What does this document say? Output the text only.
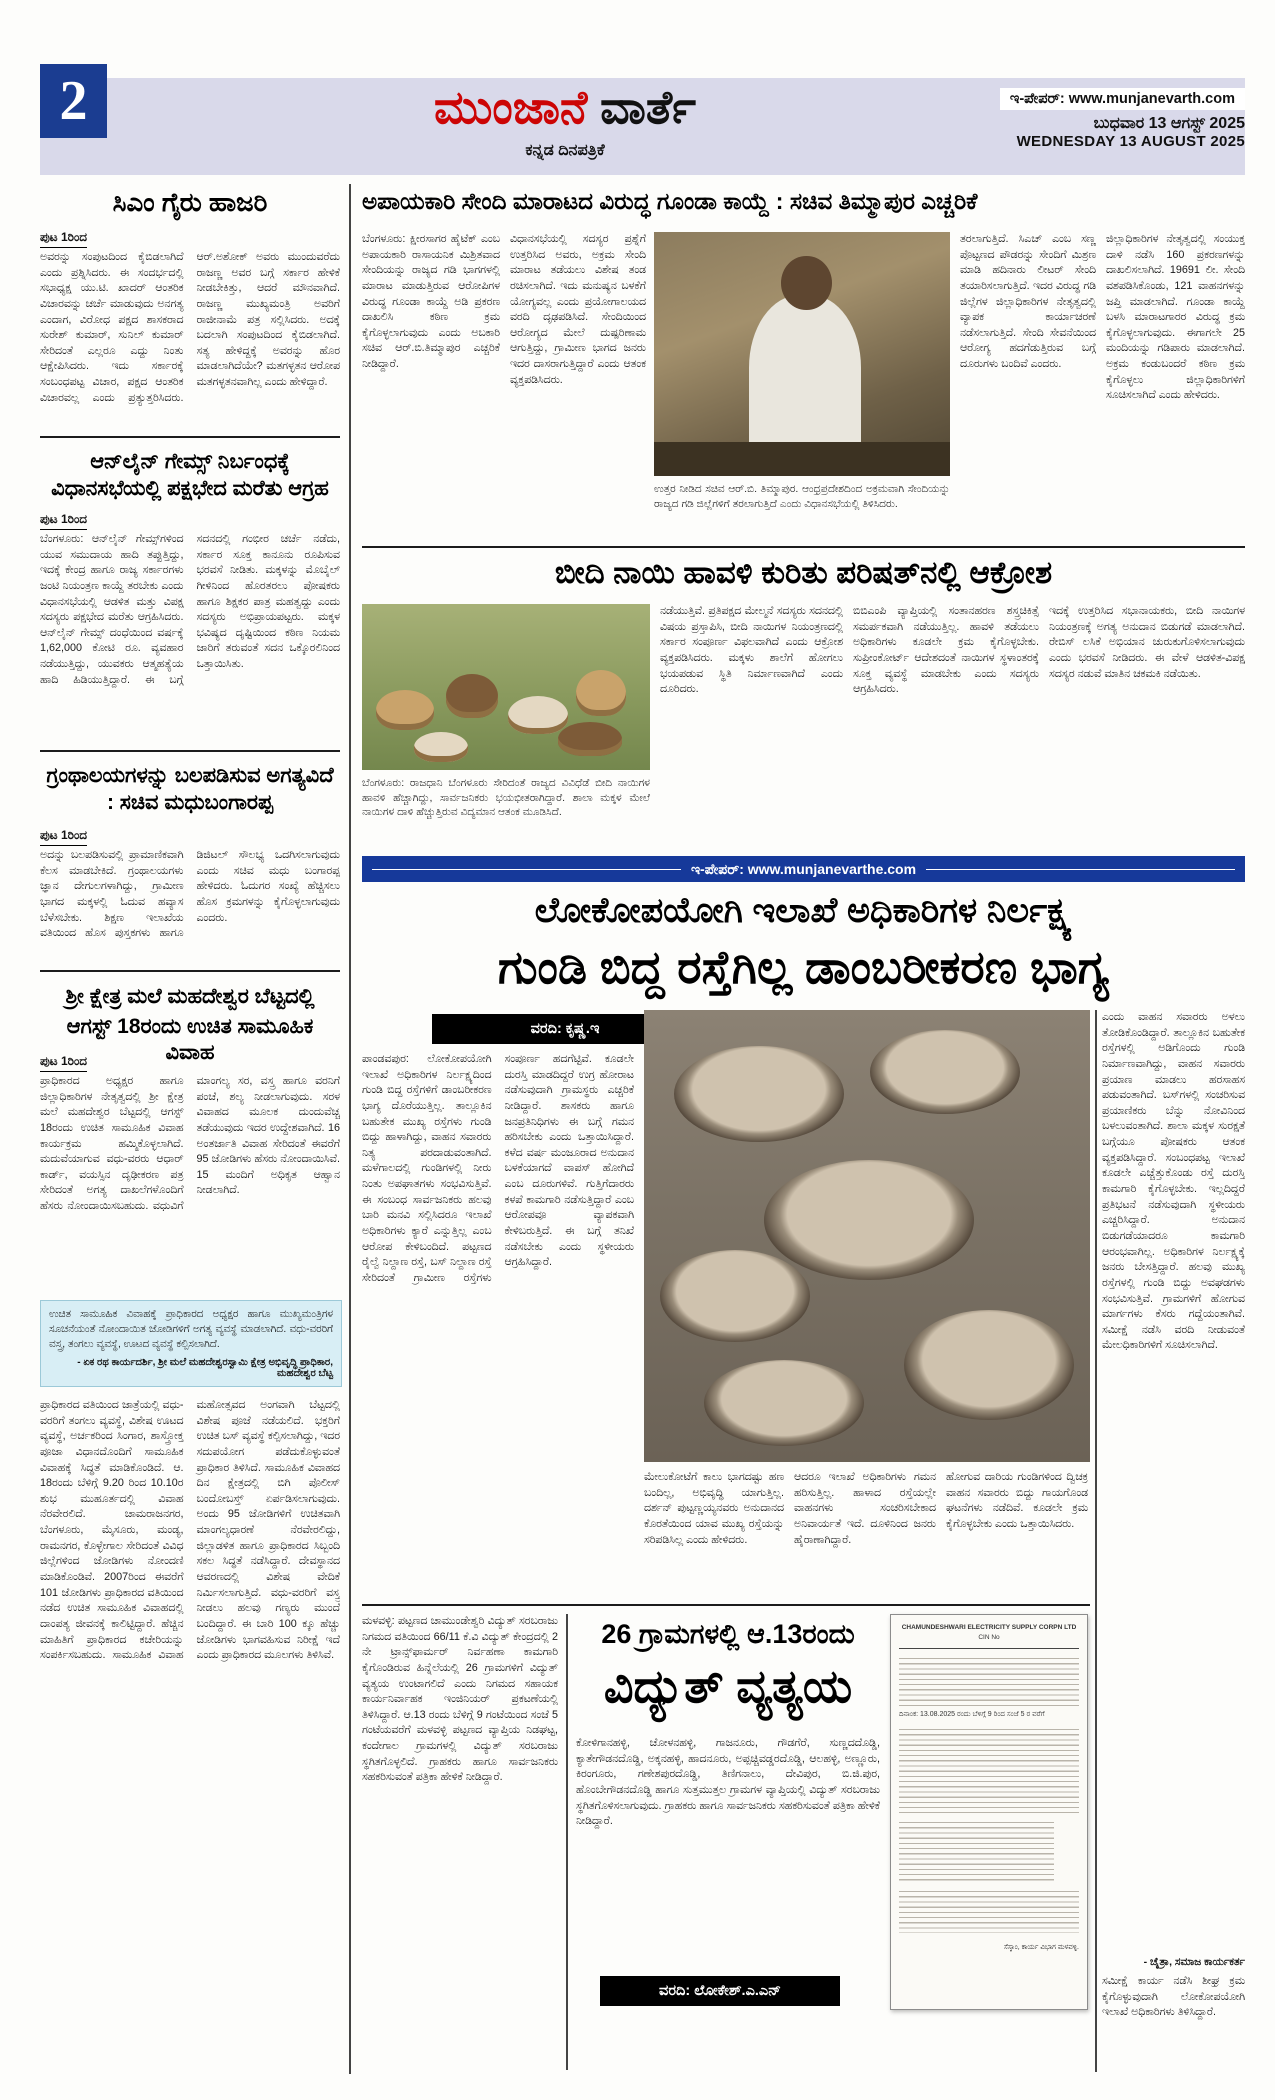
2	ಮುಂಜಾನೆ ವಾರ್ತೆ
ಕನ್ನಡ ದಿನಪತ್ರಿಕೆ
ಇ-ಪೇಪರ್: www.munjanevarth.com
ಬುಧವಾರ 13 ಆಗಸ್ಟ್ 2025
WEDNESDAY 13 AUGUST 2025
ಸಿಎಂ ಗೈರು ಹಾಜರಿ
ಪುಟ 1ರಿಂದ
ಅವರನ್ನು ಸಂಪುಟದಿಂದ ಕೈಬಿಡಲಾಗಿದೆ ಎಂದು ಪ್ರಶ್ನಿಸಿದರು. ಈ ಸಂದರ್ಭದಲ್ಲಿ ಸಭಾಧ್ಯಕ್ಷ ಯು.ಟಿ. ಖಾದರ್ ಆಂತರಿಕ ವಿಚಾರವನ್ನು ಚರ್ಚೆ ಮಾಡುವುದು ಅನಗತ್ಯ ಎಂದಾಗ, ವಿರೋಧ ಪಕ್ಷದ ಶಾಸಕರಾದ ಸುರೇಶ್ ಕುಮಾರ್, ಸುನಿಲ್ ಕುಮಾರ್ ಸೇರಿದಂತೆ ಎಲ್ಲರೂ ಎದ್ದು ನಿಂತು ಆಕ್ಷೇಪಿಸಿದರು. ಇದು ಸರ್ಕಾರಕ್ಕೆ ಸಂಬಂಧಪಟ್ಟ ವಿಚಾರ, ಪಕ್ಷದ ಆಂತರಿಕ ವಿಚಾರವಲ್ಲ ಎಂದು ಪ್ರತ್ಯುತ್ತರಿಸಿದರು. ಆರ್.ಅಶೋಕ್ ಅವರು ಮುಂದುವರೆದು ರಾಜಣ್ಣ ಅವರ ಬಗ್ಗೆ ಸರ್ಕಾರ ಹೇಳಿಕೆ ನೀಡಬೇಕಿತ್ತು, ಆದರೆ ಮೌನವಾಗಿದೆ. ರಾಜಣ್ಣ ಮುಖ್ಯಮಂತ್ರಿ ಅವರಿಗೆ ರಾಜೀನಾಮೆ ಪತ್ರ ಸಲ್ಲಿಸಿದರು. ಅದಕ್ಕೆ ಬದಲಾಗಿ ಸಂಪುಟದಿಂದ ಕೈಬಿಡಲಾಗಿದೆ. ಸತ್ಯ ಹೇಳಿದ್ದಕ್ಕೆ ಅವರನ್ನು ಹೊರ ಮಾಡಲಾಗಿದೆಯೇ? ಮತಗಳ್ಳತನ ಆರೋಪ ಮತಗಳ್ಳತನವಾಗಿಲ್ಲ ಎಂದು ಹೇಳಿದ್ದಾರೆ.
ಆನ್‌ಲೈನ್ ಗೇಮ್ಸ್ ನಿರ್ಬಂಧಕ್ಕೆ ವಿಧಾನಸಭೆಯಲ್ಲಿ ಪಕ್ಷಭೇದ ಮರೆತು ಆಗ್ರಹ
ಪುಟ 1ರಿಂದ
ಬೆಂಗಳೂರು: ಆನ್‌ಲೈನ್ ಗೇಮ್ಸ್‌ಗಳಿಂದ ಯುವ ಸಮುದಾಯ ಹಾದಿ ತಪ್ಪುತ್ತಿದ್ದು, ಇದಕ್ಕೆ ಕೇಂದ್ರ ಹಾಗೂ ರಾಜ್ಯ ಸರ್ಕಾರಗಳು ಜಂಟಿ ನಿಯಂತ್ರಣ ಕಾಯ್ದೆ ತರಬೇಕು ಎಂದು ವಿಧಾನಸಭೆಯಲ್ಲಿ ಆಡಳಿತ ಮತ್ತು ವಿಪಕ್ಷ ಸದಸ್ಯರು ಪಕ್ಷಭೇದ ಮರೆತು ಆಗ್ರಹಿಸಿದರು. ಆನ್‌ಲೈನ್ ಗೇಮ್ಸ್ ದಂಧೆಯಿಂದ ವರ್ಷಕ್ಕೆ 1,62,000 ಕೋಟಿ ರೂ. ವ್ಯವಹಾರ ನಡೆಯುತ್ತಿದ್ದು, ಯುವಕರು ಆತ್ಮಹತ್ಯೆಯ ಹಾದಿ ಹಿಡಿಯುತ್ತಿದ್ದಾರೆ. ಈ ಬಗ್ಗೆ ಸದನದಲ್ಲಿ ಗಂಭೀರ ಚರ್ಚೆ ನಡೆದು, ಸರ್ಕಾರ ಸೂಕ್ತ ಕಾನೂನು ರೂಪಿಸುವ ಭರವಸೆ ನೀಡಿತು. ಮಕ್ಕಳನ್ನು ಮೊಬೈಲ್ ಗೀಳಿನಿಂದ ಹೊರತರಲು ಪೋಷಕರು ಹಾಗೂ ಶಿಕ್ಷಕರ ಪಾತ್ರ ಮಹತ್ವದ್ದು ಎಂದು ಸದಸ್ಯರು ಅಭಿಪ್ರಾಯಪಟ್ಟರು. ಮಕ್ಕಳ ಭವಿಷ್ಯದ ದೃಷ್ಟಿಯಿಂದ ಕಠಿಣ ನಿಯಮ ಜಾರಿಗೆ ತರುವಂತೆ ಸದನ ಒಕ್ಕೊರಲಿನಿಂದ ಒತ್ತಾಯಿಸಿತು.
ಗ್ರಂಥಾಲಯಗಳನ್ನು ಬಲಪಡಿಸುವ ಅಗತ್ಯವಿದೆ : ಸಚಿವ ಮಧುಬಂಗಾರಪ್ಪ
ಪುಟ 1ರಿಂದ
ಅದನ್ನು ಬಲಪಡಿಸುವಲ್ಲಿ ಪ್ರಾಮಾಣಿಕವಾಗಿ ಕೆಲಸ ಮಾಡಬೇಕಿದೆ. ಗ್ರಂಥಾಲಯಗಳು ಜ್ಞಾನ ದೇಗುಲಗಳಾಗಿದ್ದು, ಗ್ರಾಮೀಣ ಭಾಗದ ಮಕ್ಕಳಲ್ಲಿ ಓದುವ ಹವ್ಯಾಸ ಬೆಳೆಸಬೇಕು. ಶಿಕ್ಷಣ ಇಲಾಖೆಯ ವತಿಯಿಂದ ಹೊಸ ಪುಸ್ತಕಗಳು ಹಾಗೂ ಡಿಜಿಟಲ್ ಸೌಲಭ್ಯ ಒದಗಿಸಲಾಗುವುದು ಎಂದು ಸಚಿವ ಮಧು ಬಂಗಾರಪ್ಪ ಹೇಳಿದರು. ಓದುಗರ ಸಂಖ್ಯೆ ಹೆಚ್ಚಿಸಲು ಹೊಸ ಕ್ರಮಗಳನ್ನು ಕೈಗೊಳ್ಳಲಾಗುವುದು ಎಂದರು.
ಶ್ರೀ ಕ್ಷೇತ್ರ ಮಲೆ ಮಹದೇಶ್ವರ ಬೆಟ್ಟದಲ್ಲಿ
ಆಗಸ್ಟ್ 18ರಂದು ಉಚಿತ ಸಾಮೂಹಿಕ ವಿವಾಹ
ಪುಟ 1ರಿಂದ
ಪ್ರಾಧಿಕಾರದ ಅಧ್ಯಕ್ಷರ ಹಾಗೂ ಜಿಲ್ಲಾಧಿಕಾರಿಗಳ ನೇತೃತ್ವದಲ್ಲಿ ಶ್ರೀ ಕ್ಷೇತ್ರ ಮಲೆ ಮಹದೇಶ್ವರ ಬೆಟ್ಟದಲ್ಲಿ ಆಗಸ್ಟ್ 18ರಂದು ಉಚಿತ ಸಾಮೂಹಿಕ ವಿವಾಹ ಕಾರ್ಯಕ್ರಮ ಹಮ್ಮಿಕೊಳ್ಳಲಾಗಿದೆ. ಮದುವೆಯಾಗುವ ವಧು-ವರರು ಆಧಾರ್ ಕಾರ್ಡ್, ವಯಸ್ಸಿನ ದೃಢೀಕರಣ ಪತ್ರ ಸೇರಿದಂತೆ ಅಗತ್ಯ ದಾಖಲೆಗಳೊಂದಿಗೆ ಹೆಸರು ನೋಂದಾಯಿಸಬಹುದು. ವಧುವಿಗೆ ಮಾಂಗಲ್ಯ ಸರ, ವಸ್ತ್ರ ಹಾಗೂ ವರನಿಗೆ ಪಂಚೆ, ಶಲ್ಯ ನೀಡಲಾಗುವುದು. ಸರಳ ವಿವಾಹದ ಮೂಲಕ ದುಂದುವೆಚ್ಚ ತಡೆಯುವುದು ಇದರ ಉದ್ದೇಶವಾಗಿದೆ. 16 ಅಂತರ್ಜಾತಿ ವಿವಾಹ ಸೇರಿದಂತೆ ಈವರೆಗೆ 95 ಜೋಡಿಗಳು ಹೆಸರು ನೋಂದಾಯಿಸಿವೆ. 15 ಮಂದಿಗೆ ಅಧಿಕೃತ ಆಹ್ವಾನ ನೀಡಲಾಗಿದೆ.
ಉಚಿತ ಸಾಮೂಹಿಕ ವಿವಾಹಕ್ಕೆ ಪ್ರಾಧಿಕಾರದ ಅಧ್ಯಕ್ಷರ ಹಾಗೂ ಮುಖ್ಯಮಂತ್ರಿಗಳ ಸೂಚನೆಯಂತೆ ನೋಂದಾಯಿತ ಜೋಡಿಗಳಿಗೆ ಅಗತ್ಯ ವ್ಯವಸ್ಥೆ ಮಾಡಲಾಗಿದೆ. ವಧು-ವರರಿಗೆ ವಸ್ತ್ರ, ತಂಗಲು ವ್ಯವಸ್ಥೆ, ಊಟದ ವ್ಯವಸ್ಥೆ ಕಲ್ಪಿಸಲಾಗಿದೆ.
- ಏಕ ರಥ ಕಾರ್ಯದರ್ಶಿ, ಶ್ರೀ ಮಲೆ ಮಹದೇಶ್ವರಸ್ವಾಮಿ ಕ್ಷೇತ್ರ ಅಭಿವೃದ್ಧಿ ಪ್ರಾಧಿಕಾರ, ಮಹದೇಶ್ವರ ಬೆಟ್ಟ
ಪ್ರಾಧಿಕಾರದ ವತಿಯಿಂದ ಜಾತ್ರೆಯಲ್ಲಿ ವಧು-ವರರಿಗೆ ತಂಗಲು ವ್ಯವಸ್ಥೆ, ವಿಶೇಷ ಊಟದ ವ್ಯವಸ್ಥೆ, ಅರ್ಚಕರಿಂದ ಸಿಂಗಾರ, ಶಾಸ್ತ್ರೋಕ್ತ ಪೂಜಾ ವಿಧಾನದೊಂದಿಗೆ ಸಾಮೂಹಿಕ ವಿವಾಹಕ್ಕೆ ಸಿದ್ಧತೆ ಮಾಡಿಕೊಂಡಿದೆ. ಆ. 18ರಂದು ಬೆಳಿಗ್ಗೆ 9.20 ರಿಂದ 10.10ರ ಶುಭ ಮುಹೂರ್ತದಲ್ಲಿ ವಿವಾಹ ನೆರವೇರಲಿದೆ. ಚಾಮರಾಜನಗರ, ಬೆಂಗಳೂರು, ಮೈಸೂರು, ಮಂಡ್ಯ, ರಾಮನಗರ, ಕೊಳ್ಳೇಗಾಲ ಸೇರಿದಂತೆ ವಿವಿಧ ಜಿಲ್ಲೆಗಳಿಂದ ಜೋಡಿಗಳು ನೋಂದಣಿ ಮಾಡಿಕೊಂಡಿವೆ. 2007ರಿಂದ ಈವರೆಗೆ 101 ಜೋಡಿಗಳು ಪ್ರಾಧಿಕಾರದ ವತಿಯಿಂದ ನಡೆದ ಉಚಿತ ಸಾಮೂಹಿಕ ವಿವಾಹದಲ್ಲಿ ದಾಂಪತ್ಯ ಜೀವನಕ್ಕೆ ಕಾಲಿಟ್ಟಿದ್ದಾರೆ. ಹೆಚ್ಚಿನ ಮಾಹಿತಿಗೆ ಪ್ರಾಧಿಕಾರದ ಕಚೇರಿಯನ್ನು ಸಂಪರ್ಕಿಸಬಹುದು. ಸಾಮೂಹಿಕ ವಿವಾಹ ಮಹೋತ್ಸವದ ಅಂಗವಾಗಿ ಬೆಟ್ಟದಲ್ಲಿ ವಿಶೇಷ ಪೂಜೆ ನಡೆಯಲಿದೆ. ಭಕ್ತರಿಗೆ ಉಚಿತ ಬಸ್ ವ್ಯವಸ್ಥೆ ಕಲ್ಪಿಸಲಾಗಿದ್ದು, ಇದರ ಸದುಪಯೋಗ ಪಡೆದುಕೊಳ್ಳುವಂತೆ ಪ್ರಾಧಿಕಾರ ತಿಳಿಸಿದೆ. ಸಾಮೂಹಿಕ ವಿವಾಹದ ದಿನ ಕ್ಷೇತ್ರದಲ್ಲಿ ಬಿಗಿ ಪೊಲೀಸ್ ಬಂದೋಬಸ್ತ್ ಏರ್ಪಡಿಸಲಾಗುವುದು. ಅಂದು 95 ಜೋಡಿಗಳಿಗೆ ಉಚಿತವಾಗಿ ಮಾಂಗಲ್ಯಧಾರಣೆ ನೆರವೇರಲಿದ್ದು, ಜಿಲ್ಲಾಡಳಿತ ಹಾಗೂ ಪ್ರಾಧಿಕಾರದ ಸಿಬ್ಬಂದಿ ಸಕಲ ಸಿದ್ಧತೆ ನಡೆಸಿದ್ದಾರೆ. ದೇವಸ್ಥಾನದ ಆವರಣದಲ್ಲಿ ವಿಶೇಷ ವೇದಿಕೆ ನಿರ್ಮಿಸಲಾಗುತ್ತಿದೆ. ವಧು-ವರರಿಗೆ ವಸ್ತ್ರ ನೀಡಲು ಹಲವು ಗಣ್ಯರು ಮುಂದೆ ಬಂದಿದ್ದಾರೆ. ಈ ಬಾರಿ 100 ಕ್ಕೂ ಹೆಚ್ಚು ಜೋಡಿಗಳು ಭಾಗವಹಿಸುವ ನಿರೀಕ್ಷೆ ಇದೆ ಎಂದು ಪ್ರಾಧಿಕಾರದ ಮೂಲಗಳು ತಿಳಿಸಿವೆ.
ಅಪಾಯಕಾರಿ ಸೇಂದಿ ಮಾರಾಟದ ವಿರುದ್ಧ ಗೂಂಡಾ ಕಾಯ್ದೆ : ಸಚಿವ ತಿಮ್ಮಾಪುರ ಎಚ್ಚರಿಕೆ
ಬೆಂಗಳೂರು: ಕ್ಷೀರಸಾಗರ ಹೈಟೆಕ್ ಎಂಬ ಅಪಾಯಕಾರಿ ರಾಸಾಯನಿಕ ಮಿಶ್ರಿತವಾದ ಸೇಂದಿಯನ್ನು ರಾಜ್ಯದ ಗಡಿ ಭಾಗಗಳಲ್ಲಿ ಮಾರಾಟ ಮಾಡುತ್ತಿರುವ ಆರೋಪಿಗಳ ವಿರುದ್ಧ ಗೂಂಡಾ ಕಾಯ್ದೆ ಅಡಿ ಪ್ರಕರಣ ದಾಖಲಿಸಿ ಕಠಿಣ ಕ್ರಮ ಕೈಗೊಳ್ಳಲಾಗುವುದು ಎಂದು ಅಬಕಾರಿ ಸಚಿವ ಆರ್.ಬಿ.ತಿಮ್ಮಾಪುರ ಎಚ್ಚರಿಕೆ ನೀಡಿದ್ದಾರೆ.
ವಿಧಾನಸಭೆಯಲ್ಲಿ ಸದಸ್ಯರ ಪ್ರಶ್ನೆಗೆ ಉತ್ತರಿಸಿದ ಅವರು, ಅಕ್ರಮ ಸೇಂದಿ ಮಾರಾಟ ತಡೆಯಲು ವಿಶೇಷ ತಂಡ ರಚಿಸಲಾಗಿದೆ. ಇದು ಮನುಷ್ಯನ ಬಳಕೆಗೆ ಯೋಗ್ಯವಲ್ಲ ಎಂದು ಪ್ರಯೋಗಾಲಯದ ವರದಿ ದೃಢಪಡಿಸಿದೆ. ಸೇಂದಿಯಿಂದ ಆರೋಗ್ಯದ ಮೇಲೆ ದುಷ್ಪರಿಣಾಮ ಆಗುತ್ತಿದ್ದು, ಗ್ರಾಮೀಣ ಭಾಗದ ಜನರು ಇದರ ದಾಸರಾಗುತ್ತಿದ್ದಾರೆ ಎಂದು ಆತಂಕ ವ್ಯಕ್ತಪಡಿಸಿದರು.
ಉತ್ತರ ನೀಡಿದ ಸಚಿವ ಆರ್.ಬಿ. ತಿಮ್ಮಾಪುರ. ಆಂಧ್ರಪ್ರದೇಶದಿಂದ ಅಕ್ರಮವಾಗಿ ಸೇಂದಿಯನ್ನು ರಾಜ್ಯದ ಗಡಿ ಜಿಲ್ಲೆಗಳಿಗೆ ತರಲಾಗುತ್ತಿದೆ ಎಂದು ವಿಧಾನಸಭೆಯಲ್ಲಿ ತಿಳಿಸಿದರು.
ತರಲಾಗುತ್ತಿದೆ. ಸಿಎಚ್ ಎಂಬ ಸಣ್ಣ ಪೊಟ್ಟಣದ ಪೌಡರನ್ನು ಸೇಂದಿಗೆ ಮಿಶ್ರಣ ಮಾಡಿ ಹದಿನಾರು ಲೀಟರ್ ಸೇಂದಿ ತಯಾರಿಸಲಾಗುತ್ತಿದೆ. ಇದರ ವಿರುದ್ಧ ಗಡಿ ಜಿಲ್ಲೆಗಳ ಜಿಲ್ಲಾಧಿಕಾರಿಗಳ ನೇತೃತ್ವದಲ್ಲಿ ವ್ಯಾಪಕ ಕಾರ್ಯಾಚರಣೆ ನಡೆಸಲಾಗುತ್ತಿದೆ. ಸೇಂದಿ ಸೇವನೆಯಿಂದ ಆರೋಗ್ಯ ಹದಗೆಡುತ್ತಿರುವ ಬಗ್ಗೆ ದೂರುಗಳು ಬಂದಿವೆ ಎಂದರು.
ಜಿಲ್ಲಾಧಿಕಾರಿಗಳ ನೇತೃತ್ವದಲ್ಲಿ ಸಂಯುಕ್ತ ದಾಳಿ ನಡೆಸಿ 160 ಪ್ರಕರಣಗಳನ್ನು ದಾಖಲಿಸಲಾಗಿದೆ. 19691 ಲೀ. ಸೇಂದಿ ವಶಪಡಿಸಿಕೊಂಡು, 121 ವಾಹನಗಳನ್ನು ಜಪ್ತಿ ಮಾಡಲಾಗಿದೆ. ಗೂಂಡಾ ಕಾಯ್ದೆ ಬಳಸಿ ಮಾರಾಟಗಾರರ ವಿರುದ್ಧ ಕ್ರಮ ಕೈಗೊಳ್ಳಲಾಗುವುದು. ಈಗಾಗಲೇ 25 ಮಂದಿಯನ್ನು ಗಡಿಪಾರು ಮಾಡಲಾಗಿದೆ. ಅಕ್ರಮ ಕಂಡುಬಂದರೆ ಕಠಿಣ ಕ್ರಮ ಕೈಗೊಳ್ಳಲು ಜಿಲ್ಲಾಧಿಕಾರಿಗಳಿಗೆ ಸೂಚಿಸಲಾಗಿದೆ ಎಂದು ಹೇಳಿದರು.
ಬೀದಿ ನಾಯಿ ಹಾವಳಿ ಕುರಿತು ಪರಿಷತ್‌ನಲ್ಲಿ ಆಕ್ರೋಶ
ಬೆಂಗಳೂರು: ರಾಜಧಾನಿ ಬೆಂಗಳೂರು ಸೇರಿದಂತೆ ರಾಜ್ಯದ ವಿವಿಧೆಡೆ ಬೀದಿ ನಾಯಿಗಳ ಹಾವಳಿ ಹೆಚ್ಚಾಗಿದ್ದು, ಸಾರ್ವಜನಿಕರು ಭಯಭೀತರಾಗಿದ್ದಾರೆ. ಶಾಲಾ ಮಕ್ಕಳ ಮೇಲೆ ನಾಯಿಗಳ ದಾಳಿ ಹೆಚ್ಚುತ್ತಿರುವ ವಿದ್ಯಮಾನ ಆತಂಕ ಮೂಡಿಸಿದೆ.
ನಡೆಯುತ್ತಿವೆ. ಪ್ರತಿಪಕ್ಷದ ಮೇಲ್ಮನೆ ಸದಸ್ಯರು ಸದನದಲ್ಲಿ ವಿಷಯ ಪ್ರಸ್ತಾಪಿಸಿ, ಬೀದಿ ನಾಯಿಗಳ ನಿಯಂತ್ರಣದಲ್ಲಿ ಸರ್ಕಾರ ಸಂಪೂರ್ಣ ವಿಫಲವಾಗಿದೆ ಎಂದು ಆಕ್ರೋಶ ವ್ಯಕ್ತಪಡಿಸಿದರು. ಮಕ್ಕಳು ಶಾಲೆಗೆ ಹೋಗಲು ಭಯಪಡುವ ಸ್ಥಿತಿ ನಿರ್ಮಾಣವಾಗಿದೆ ಎಂದು ದೂರಿದರು.
ಬಿಬಿಎಂಪಿ ವ್ಯಾಪ್ತಿಯಲ್ಲಿ ಸಂತಾನಹರಣ ಶಸ್ತ್ರಚಿಕಿತ್ಸೆ ಸಮರ್ಪಕವಾಗಿ ನಡೆಯುತ್ತಿಲ್ಲ. ಹಾವಳಿ ತಡೆಯಲು ಅಧಿಕಾರಿಗಳು ಕೂಡಲೇ ಕ್ರಮ ಕೈಗೊಳ್ಳಬೇಕು. ಸುಪ್ರೀಂಕೋರ್ಟ್ ಆದೇಶದಂತೆ ನಾಯಿಗಳ ಸ್ಥಳಾಂತರಕ್ಕೆ ಸೂಕ್ತ ವ್ಯವಸ್ಥೆ ಮಾಡಬೇಕು ಎಂದು ಸದಸ್ಯರು ಆಗ್ರಹಿಸಿದರು.
ಇದಕ್ಕೆ ಉತ್ತರಿಸಿದ ಸಭಾನಾಯಕರು, ಬೀದಿ ನಾಯಿಗಳ ನಿಯಂತ್ರಣಕ್ಕೆ ಅಗತ್ಯ ಅನುದಾನ ಬಿಡುಗಡೆ ಮಾಡಲಾಗಿದೆ. ರೇಬಿಸ್ ಲಸಿಕೆ ಅಭಿಯಾನ ಚುರುಕುಗೊಳಿಸಲಾಗುವುದು ಎಂದು ಭರವಸೆ ನೀಡಿದರು. ಈ ವೇಳೆ ಆಡಳಿತ-ವಿಪಕ್ಷ ಸದಸ್ಯರ ನಡುವೆ ಮಾತಿನ ಚಕಮಕಿ ನಡೆಯಿತು.
ಇ-ಪೇಪರ್: www.munjanevarthe.com
ಲೋಕೋಪಯೋಗಿ ಇಲಾಖೆ ಅಧಿಕಾರಿಗಳ ನಿರ್ಲಕ್ಷ್ಯ
ಗುಂಡಿ ಬಿದ್ದ ರಸ್ತೆಗಿಲ್ಲ ಡಾಂಬರೀಕರಣ ಭಾಗ್ಯ
ವರದಿ: ಕೃಷ್ಣ.ಇ
ಪಾಂಡವಪುರ: ಲೋಕೋಪಯೋಗಿ ಇಲಾಖೆ ಅಧಿಕಾರಿಗಳ ನಿರ್ಲಕ್ಷ್ಯದಿಂದ ಗುಂಡಿ ಬಿದ್ದ ರಸ್ತೆಗಳಿಗೆ ಡಾಂಬರೀಕರಣ ಭಾಗ್ಯ ದೊರೆಯುತ್ತಿಲ್ಲ. ತಾಲ್ಲೂಕಿನ ಬಹುತೇಕ ಮುಖ್ಯ ರಸ್ತೆಗಳು ಗುಂಡಿ ಬಿದ್ದು ಹಾಳಾಗಿದ್ದು, ವಾಹನ ಸವಾರರು ನಿತ್ಯ ಪರದಾಡುವಂತಾಗಿದೆ. ಮಳೆಗಾಲದಲ್ಲಿ ಗುಂಡಿಗಳಲ್ಲಿ ನೀರು ನಿಂತು ಅಪಘಾತಗಳು ಸಂಭವಿಸುತ್ತಿವೆ. ಈ ಸಂಬಂಧ ಸಾರ್ವಜನಿಕರು ಹಲವು ಬಾರಿ ಮನವಿ ಸಲ್ಲಿಸಿದರೂ ಇಲಾಖೆ ಅಧಿಕಾರಿಗಳು ಕ್ಯಾರೆ ಎನ್ನುತ್ತಿಲ್ಲ ಎಂಬ ಆರೋಪ ಕೇಳಿಬಂದಿದೆ. ಪಟ್ಟಣದ ರೈಲ್ವೆ ನಿಲ್ದಾಣ ರಸ್ತೆ, ಬಸ್ ನಿಲ್ದಾಣ ರಸ್ತೆ ಸೇರಿದಂತೆ ಗ್ರಾಮೀಣ ರಸ್ತೆಗಳು ಸಂಪೂರ್ಣ ಹದಗೆಟ್ಟಿವೆ. ಕೂಡಲೇ ದುರಸ್ತಿ ಮಾಡದಿದ್ದರೆ ಉಗ್ರ ಹೋರಾಟ ನಡೆಸುವುದಾಗಿ ಗ್ರಾಮಸ್ಥರು ಎಚ್ಚರಿಕೆ ನೀಡಿದ್ದಾರೆ. ಶಾಸಕರು ಹಾಗೂ ಜನಪ್ರತಿನಿಧಿಗಳು ಈ ಬಗ್ಗೆ ಗಮನ ಹರಿಸಬೇಕು ಎಂದು ಒತ್ತಾಯಿಸಿದ್ದಾರೆ. ಕಳೆದ ವರ್ಷ ಮಂಜೂರಾದ ಅನುದಾನ ಬಳಕೆಯಾಗದೆ ವಾಪಸ್ ಹೋಗಿದೆ ಎಂಬ ದೂರುಗಳಿವೆ. ಗುತ್ತಿಗೆದಾರರು ಕಳಪೆ ಕಾಮಗಾರಿ ನಡೆಸುತ್ತಿದ್ದಾರೆ ಎಂಬ ಆರೋಪವೂ ವ್ಯಾಪಕವಾಗಿ ಕೇಳಿಬರುತ್ತಿದೆ. ಈ ಬಗ್ಗೆ ತನಿಖೆ ನಡೆಸಬೇಕು ಎಂದು ಸ್ಥಳೀಯರು ಆಗ್ರಹಿಸಿದ್ದಾರೆ.
ಎಂದು ವಾಹನ ಸವಾರರು ಅಳಲು ತೋಡಿಕೊಂಡಿದ್ದಾರೆ. ತಾಲ್ಲೂಕಿನ ಬಹುತೇಕ ರಸ್ತೆಗಳಲ್ಲಿ ಅಡಿಗೊಂದು ಗುಂಡಿ ನಿರ್ಮಾಣವಾಗಿದ್ದು, ವಾಹನ ಸವಾರರು ಪ್ರಯಾಣ ಮಾಡಲು ಹರಸಾಹಸ ಪಡುವಂತಾಗಿದೆ. ಬಸ್‌ಗಳಲ್ಲಿ ಸಂಚರಿಸುವ ಪ್ರಯಾಣಿಕರು ಬೆನ್ನು ನೋವಿನಿಂದ ಬಳಲುವಂತಾಗಿದೆ. ಶಾಲಾ ಮಕ್ಕಳ ಸುರಕ್ಷತೆ ಬಗ್ಗೆಯೂ ಪೋಷಕರು ಆತಂಕ ವ್ಯಕ್ತಪಡಿಸಿದ್ದಾರೆ. ಸಂಬಂಧಪಟ್ಟ ಇಲಾಖೆ ಕೂಡಲೇ ಎಚ್ಚೆತ್ತುಕೊಂಡು ರಸ್ತೆ ದುರಸ್ತಿ ಕಾಮಗಾರಿ ಕೈಗೊಳ್ಳಬೇಕು. ಇಲ್ಲದಿದ್ದರೆ ಪ್ರತಿಭಟನೆ ನಡೆಸುವುದಾಗಿ ಸ್ಥಳೀಯರು ಎಚ್ಚರಿಸಿದ್ದಾರೆ. ಅನುದಾನ ಬಿಡುಗಡೆಯಾದರೂ ಕಾಮಗಾರಿ ಆರಂಭವಾಗಿಲ್ಲ. ಅಧಿಕಾರಿಗಳ ನಿರ್ಲಕ್ಷ್ಯಕ್ಕೆ ಜನರು ಬೇಸತ್ತಿದ್ದಾರೆ. ಹಲವು ಮುಖ್ಯ ರಸ್ತೆಗಳಲ್ಲಿ ಗುಂಡಿ ಬಿದ್ದು ಅವಘಡಗಳು ಸಂಭವಿಸುತ್ತಿವೆ. ಗ್ರಾಮಗಳಿಗೆ ಹೋಗುವ ಮಾರ್ಗಗಳು ಕೆಸರು ಗದ್ದೆಯಂತಾಗಿವೆ. ಸಮೀಕ್ಷೆ ನಡೆಸಿ ವರದಿ ನೀಡುವಂತೆ ಮೇಲಧಿಕಾರಿಗಳಿಗೆ ಸೂಚಿಸಲಾಗಿದೆ.
- ಚೈತ್ರಾ, ಸಮಾಜ ಕಾರ್ಯಕರ್ತ
ಸಮೀಕ್ಷೆ ಕಾರ್ಯ ನಡೆಸಿ ಶೀಘ್ರ ಕ್ರಮ ಕೈಗೊಳ್ಳುವುದಾಗಿ ಲೋಕೋಪಯೋಗಿ ಇಲಾಖೆ ಅಧಿಕಾರಿಗಳು ತಿಳಿಸಿದ್ದಾರೆ.
ಮೇಲುಕೋಟೆಗೆ ಕಾಲು ಭಾಗದಷ್ಟು ಹಣ ಬಂದಿಲ್ಲ, ಅಭಿವೃದ್ಧಿ ಯಾಗುತ್ತಿಲ್ಲ. ದರ್ಶನ್ ಪುಟ್ಟಣ್ಣಯ್ಯನವರು ಅನುದಾನದ ಕೊರತೆಯಿಂದ ಯಾವ ಮುಖ್ಯ ರಸ್ತೆಯನ್ನು ಸರಿಪಡಿಸಿಲ್ಲ ಎಂದು ಹೇಳಿದರು.
ಆದರೂ ಇಲಾಖೆ ಅಧಿಕಾರಿಗಳು ಗಮನ ಹರಿಸುತ್ತಿಲ್ಲ. ಹಾಳಾದ ರಸ್ತೆಯಲ್ಲೇ ವಾಹನಗಳು ಸಂಚರಿಸಬೇಕಾದ ಅನಿವಾರ್ಯತೆ ಇದೆ. ದೂಳಿನಿಂದ ಜನರು ಹೈರಾಣಾಗಿದ್ದಾರೆ.
ಹೋಗುವ ದಾರಿಯ ಗುಂಡಿಗಳಿಂದ ದ್ವಿಚಕ್ರ ವಾಹನ ಸವಾರರು ಬಿದ್ದು ಗಾಯಗೊಂಡ ಘಟನೆಗಳು ನಡೆದಿವೆ. ಕೂಡಲೇ ಕ್ರಮ ಕೈಗೊಳ್ಳಬೇಕು ಎಂದು ಒತ್ತಾಯಿಸಿದರು.
ಮಳವಳ್ಳಿ: ಪಟ್ಟಣದ ಚಾಮುಂಡೇಶ್ವರಿ ವಿದ್ಯುತ್ ಸರಬರಾಜು ನಿಗಮದ ವತಿಯಿಂದ 66/11 ಕೆ.ವಿ ವಿದ್ಯುತ್ ಕೇಂದ್ರದಲ್ಲಿ 2 ನೇ ಟ್ರಾನ್ಸ್‌ಫಾರ್ಮರ್ ನಿರ್ವಹಣಾ ಕಾಮಗಾರಿ ಕೈಗೊಂಡಿರುವ ಹಿನ್ನೆಲೆಯಲ್ಲಿ 26 ಗ್ರಾಮಗಳಿಗೆ ವಿದ್ಯುತ್ ವ್ಯತ್ಯಯ ಉಂಟಾಗಲಿದೆ ಎಂದು ನಿಗಮದ ಸಹಾಯಕ ಕಾರ್ಯನಿರ್ವಾಹಕ ಇಂಜಿನಿಯರ್ ಪ್ರಕಟಣೆಯಲ್ಲಿ ತಿಳಿಸಿದ್ದಾರೆ. ಆ.13 ರಂದು ಬೆಳಿಗ್ಗೆ 9 ಗಂಟೆಯಿಂದ ಸಂಜೆ 5 ಗಂಟೆಯವರೆಗೆ ಮಳವಳ್ಳಿ ಪಟ್ಟಣದ ವ್ಯಾಪ್ತಿಯ ನಿಡಘಟ್ಟ, ಕಂದೇಗಾಲ ಗ್ರಾಮಗಳಲ್ಲಿ ವಿದ್ಯುತ್ ಸರಬರಾಜು ಸ್ಥಗಿತಗೊಳ್ಳಲಿದೆ. ಗ್ರಾಹಕರು ಹಾಗೂ ಸಾರ್ವಜನಿಕರು ಸಹಕರಿಸುವಂತೆ ಪತ್ರಿಕಾ ಹೇಳಿಕೆ ನೀಡಿದ್ದಾರೆ.
26 ಗ್ರಾಮಗಳಲ್ಲಿ ಆ.13ರಂದು
ವಿದ್ಯುತ್ ವ್ಯತ್ಯಯ
ಕೋಳಿಗಾನಹಳ್ಳಿ, ಚೋಳನಹಳ್ಳಿ, ಗಾಜನೂರು, ಗೌಡಗೆರೆ, ಸುಣ್ಣದದೊಡ್ಡಿ, ಕ್ಯಾತೇಗೌಡನದೊಡ್ಡಿ, ಅಕ್ಕನಹಳ್ಳಿ, ಹಾದನೂರು, ಅಪ್ಪಚ್ಚಿವಡ್ಡರದೊಡ್ಡಿ, ಆಲಹಳ್ಳಿ, ಅಣ್ಣೂರು, ಕಿರಂಗೂರು, ಗಣೇಶಪುರದೊಡ್ಡಿ, ತಿಣಿಗನಾಲು, ದೇವಿಪುರ, ಬಿ.ಜಿ.ಪುರ, ಹೊಂಬೇಗೌಡನದೊಡ್ಡಿ ಹಾಗೂ ಸುತ್ತಮುತ್ತಲ ಗ್ರಾಮಗಳ ವ್ಯಾಪ್ತಿಯಲ್ಲಿ ವಿದ್ಯುತ್ ಸರಬರಾಜು ಸ್ಥಗಿತಗೊಳಿಸಲಾಗುವುದು. ಗ್ರಾಹಕರು ಹಾಗೂ ಸಾರ್ವಜನಿಕರು ಸಹಕರಿಸುವಂತೆ ಪತ್ರಿಕಾ ಹೇಳಿಕೆ ನೀಡಿದ್ದಾರೆ.
ವರದಿ: ಲೋಕೇಶ್.ಎ.ಎನ್
CHAMUNDESHWARI ELECTRICITY SUPPLY CORPN LTD
CIN No
ದಿನಾಂಕ: 13.08.2025 ರಂದು ಬೆಳಿಗ್ಗೆ 9 ರಿಂದ ಸಂಜೆ 5 ರ ವರೆಗೆ
ಸೆಸ್ಕಾಂ, ಕಾರ್ಯ ವಿಭಾಗ ಮಳವಳ್ಳಿ.
